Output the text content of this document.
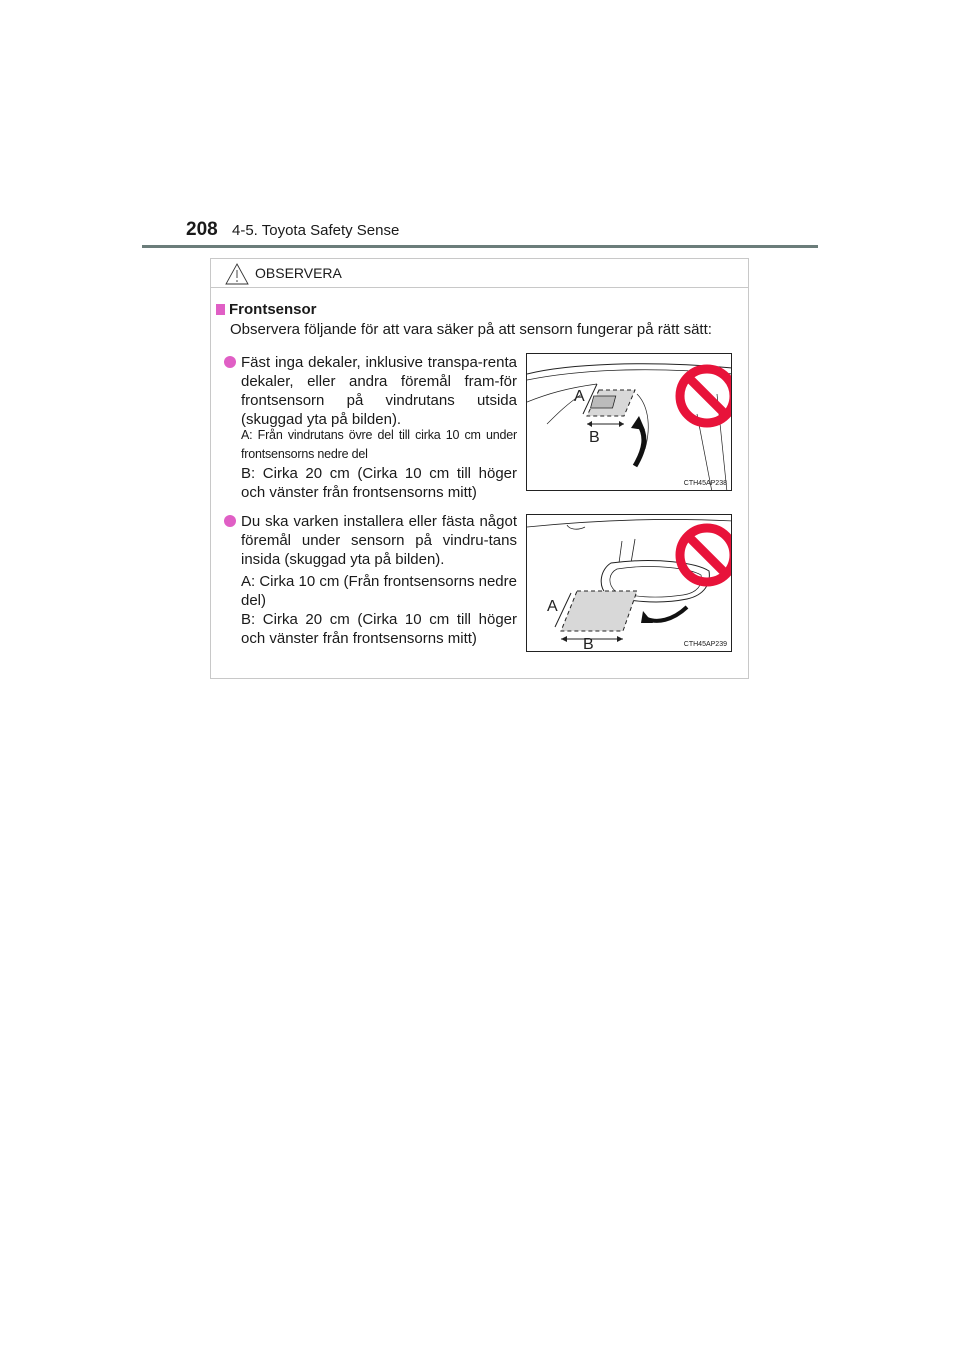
208 4-5. Toyota Safety Sense
OBSERVERA
Frontsensor
Observera följande för att vara säker på att sensorn fungerar på rätt sätt:
Fäst inga dekaler, inklusive transpa-renta dekaler, eller andra föremål fram-för frontsensorn på vindrutans utsida (skuggad yta på bilden).
A: Från vindrutans övre del till cirka 10 cm under frontsensorns nedre del
B: Cirka 20 cm (Cirka 10 cm till höger och vänster från frontsensorns mitt)
A
B
CTH45AP238
Du ska varken installera eller fästa något föremål under sensorn på vindru-tans insida (skuggad yta på bilden).
A: Cirka 10 cm (Från frontsensorns nedre del)
B: Cirka 20 cm (Cirka 10 cm till höger och vänster från frontsensorns mitt)
A
B	CTH45AP239
